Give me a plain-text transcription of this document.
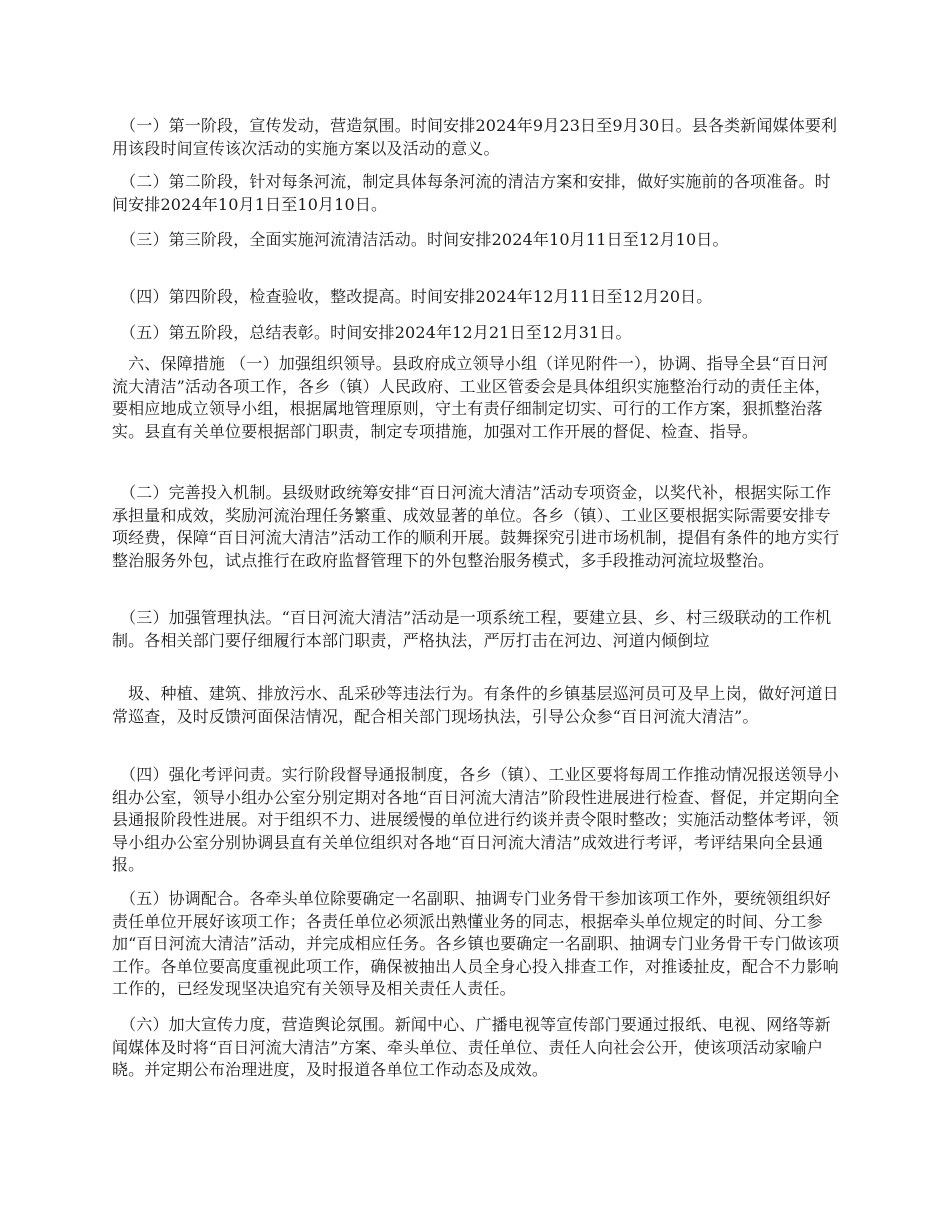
　（一）第一阶段，宣传发动，营造氛围。时间安排2024年9月23日至9月30日。县各类新闻媒体要利用该段时间宣传该次活动的实施方案以及活动的意义。

　（二）第二阶段，针对每条河流，制定具体每条河流的清洁方案和安排，做好实施前的各项准备。时间安排2024年10月1日至10月10日。

　（三）第三阶段，全面实施河流清洁活动。时间安排2024年10月11日至12月10日。

　（四）第四阶段，检查验收，整改提高。时间安排2024年12月11日至12月20日。

　（五）第五阶段，总结表彰。时间安排2024年12月21日至12月31日。

　六、保障措施 （一）加强组织领导。县政府成立领导小组（详见附件一），协调、指导全县“百日河流大清洁”活动各项工作，各乡（镇）人民政府、工业区管委会是具体组织实施整治行动的责任主体，要相应地成立领导小组，根据属地管理原则，守土有责仔细制定切实、可行的工作方案，狠抓整治落实。县直有关单位要根据部门职责，制定专项措施，加强对工作开展的督促、检查、指导。

　（二）完善投入机制。县级财政统筹安排“百日河流大清洁”活动专项资金，以奖代补，根据实际工作承担量和成效，奖励河流治理任务繁重、成效显著的单位。各乡（镇）、工业区要根据实际需要安排专项经费，保障“百日河流大清洁”活动工作的顺利开展。鼓舞探究引进市场机制，提倡有条件的地方实行整治服务外包，试点推行在政府监督管理下的外包整治服务模式，多手段推动河流垃圾整治。

　（三）加强管理执法。“百日河流大清洁”活动是一项系统工程，要建立县、乡、村三级联动的工作机制。各相关部门要仔细履行本部门职责，严格执法，严厉打击在河边、河道内倾倒垃

　圾、种植、建筑、排放污水、乱采砂等违法行为。有条件的乡镇基层巡河员可及早上岗，做好河道日常巡查，及时反馈河面保洁情况，配合相关部门现场执法，引导公众参“百日河流大清洁”。

　（四）强化考评问责。实行阶段督导通报制度，各乡（镇）、工业区要将每周工作推动情况报送领导小组办公室，领导小组办公室分别定期对各地“百日河流大清洁”阶段性进展进行检查、督促，并定期向全县通报阶段性进展。对于组织不力、进展缓慢的单位进行约谈并责令限时整改；实施活动整体考评，领导小组办公室分别协调县直有关单位组织对各地“百日河流大清洁”成效进行考评，考评结果向全县通报。

　（五）协调配合。各牵头单位除要确定一名副职、抽调专门业务骨干参加该项工作外，要统领组织好责任单位开展好该项工作；各责任单位必须派出熟懂业务的同志，根据牵头单位规定的时间、分工参加“百日河流大清洁”活动，并完成相应任务。各乡镇也要确定一名副职、抽调专门业务骨干专门做该项工作。各单位要高度重视此项工作，确保被抽出人员全身心投入排查工作，对推诿扯皮，配合不力影响工作的，已经发现坚决追究有关领导及相关责任人责任。

　（六）加大宣传力度，营造舆论氛围。新闻中心、广播电视等宣传部门要通过报纸、电视、网络等新闻媒体及时将“百日河流大清洁”方案、牵头单位、责任单位、责任人向社会公开，使该项活动家喻户晓。并定期公布治理进度，及时报道各单位工作动态及成效。
